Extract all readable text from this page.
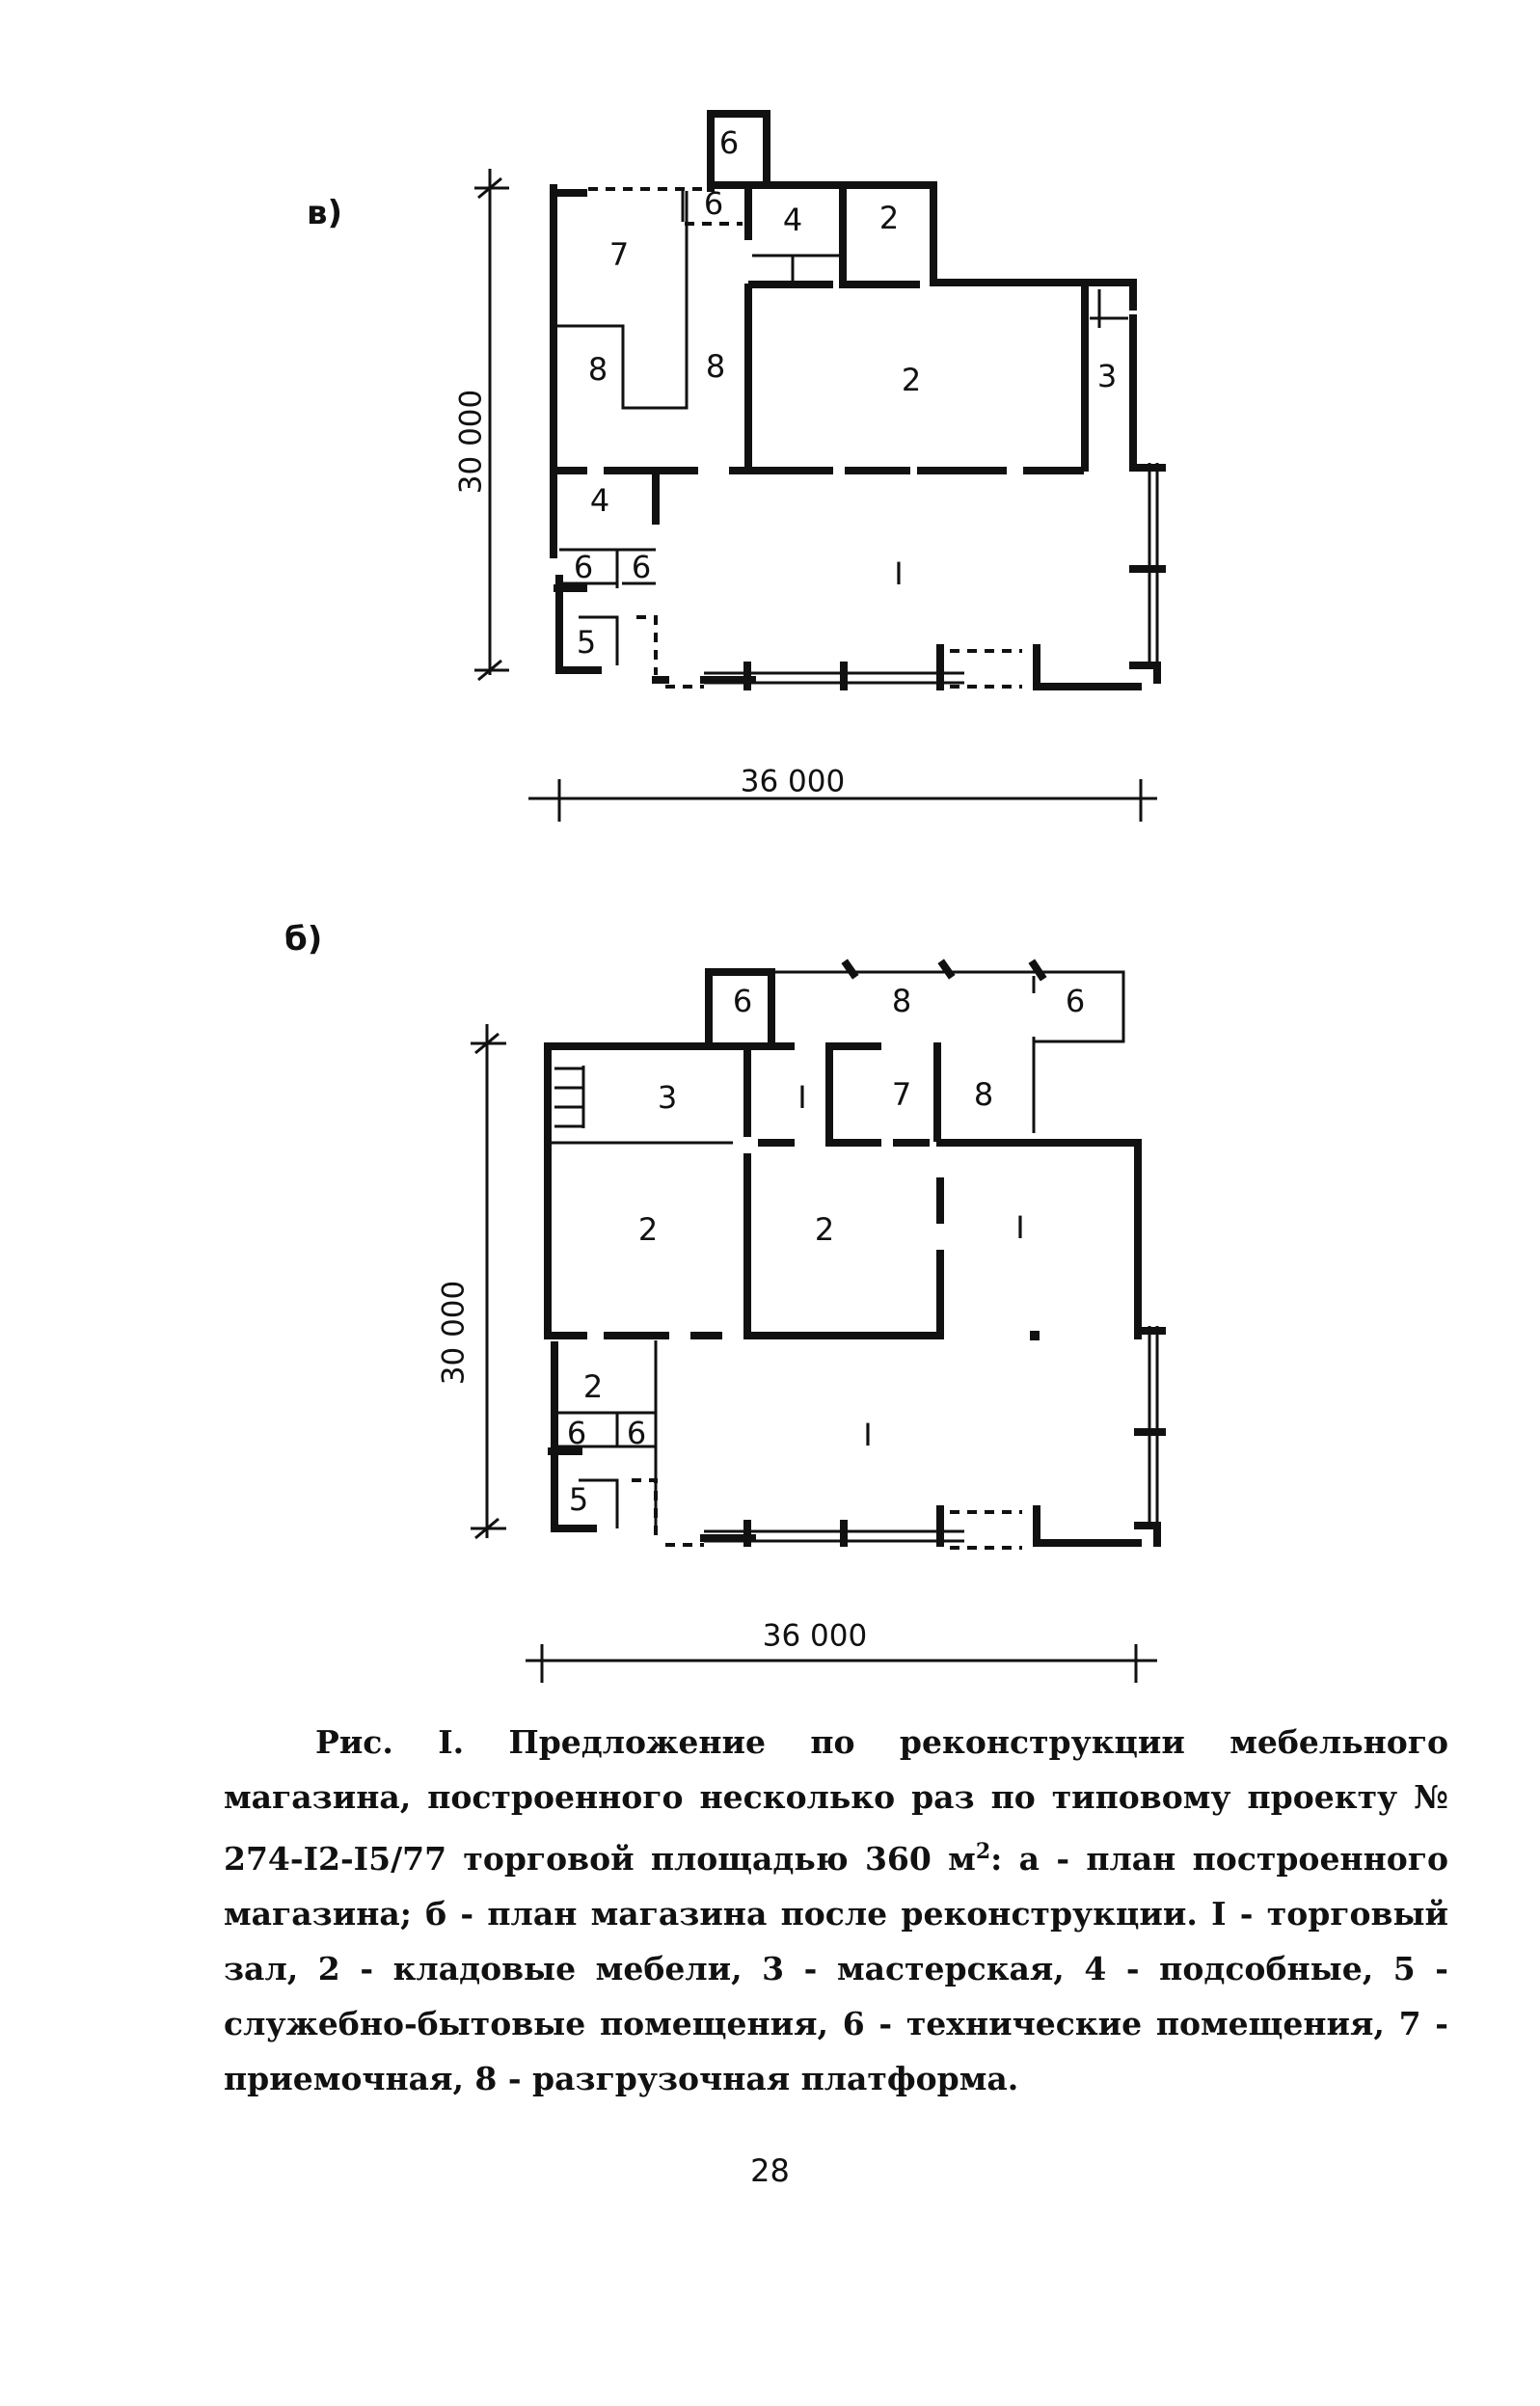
в)
30 000
36 000
6
6 4 2
7
8	8	2	3
4
6 6	I
5
б)
30 000
36 000
6	8	6
3	I	7 8
2	2	I
2
6 6	I
5

Рис. I. Предложение по реконструкции мебельного магазина, построенного несколько раз по типовому проекту № 274-I2-I5/77 торговой площадью 360 $м^2$: а - план построенного магазина; б - план магазина после реконструкции. I - торговый зал, 2 - кладовые мебели, 3 - мастерская, 4 - подсобные, 5 - служебно-бытовые помещения, 6 - технические помещения, 7 - приемочная, 8 - разгрузочная платформа.

28
